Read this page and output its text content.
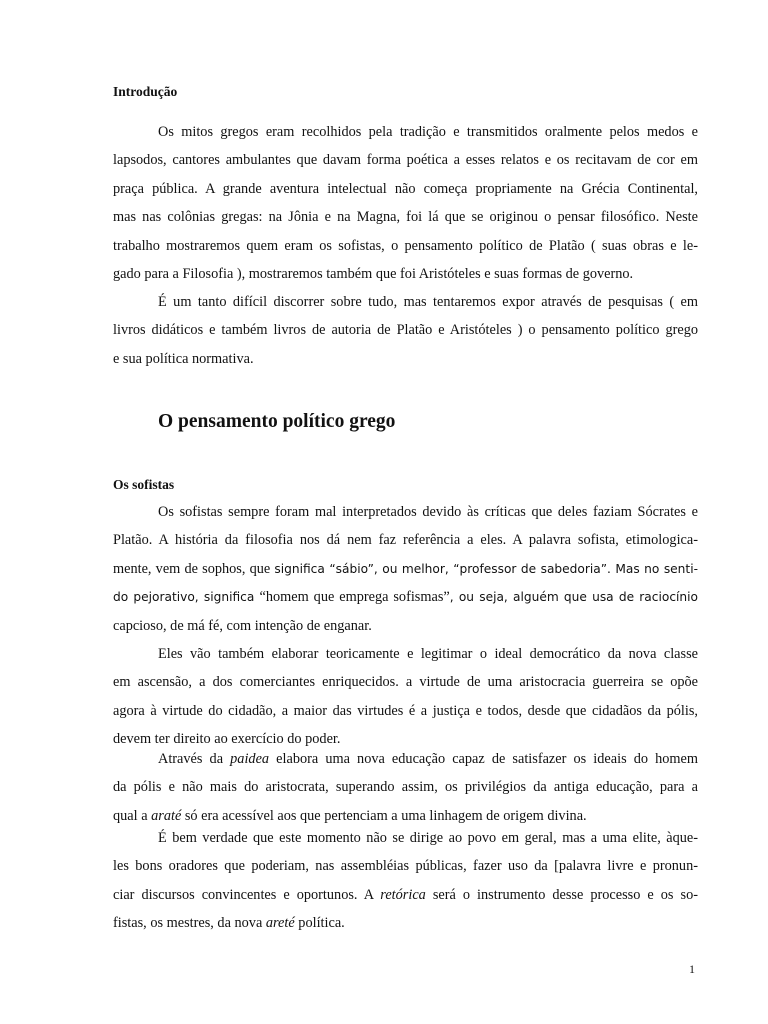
Introdução

Os mitos gregos eram recolhidos pela tradição e transmitidos oralmente pelos medos e
lapsodos, cantores ambulantes que davam forma poética a esses relatos e os recitavam de cor em
praça pública. A grande aventura intelectual não começa propriamente na Grécia Continental,
mas nas colônias gregas: na Jônia e na Magna, foi lá que se originou o pensar filosófico. Neste
trabalho mostraremos quem eram os sofistas, o pensamento político de Platão ( suas obras e le-
gado para a Filosofia ), mostraremos também que foi Aristóteles e suas formas de governo.

É um tanto difícil discorrer sobre tudo, mas tentaremos expor através de pesquisas ( em
livros didáticos e também livros de autoria de Platão e Aristóteles ) o pensamento político grego
e sua política normativa.

O pensamento político grego
Os sofistas

Os sofistas sempre foram mal interpretados devido às críticas que deles faziam Sócrates e
Platão. A história da filosofia nos dá nem faz referência a eles. A palavra sofista, etimologica-
mente, vem de sophos, que significa “sábio”, ou melhor, “professor de sabedoria”. Mas no senti-
do pejorativo, significa “homem que emprega sofismas”, ou seja, alguém que usa de raciocínio
capcioso, de má fé, com intenção de enganar.

Eles vão também elaborar teoricamente e legitimar o ideal democrático da nova classe
em ascensão, a dos comerciantes enriquecidos. a virtude de uma aristocracia guerreira se opõe
agora à virtude do cidadão, a maior das virtudes é a justiça e todos, desde que cidadãos da pólis,
devem ter direito ao exercício do poder.

Através da paidea elabora uma nova educação capaz de satisfazer os ideais do homem
da pólis e não mais do aristocrata, superando assim, os privilégios da antiga educação, para a
qual a araté só era acessível aos que pertenciam a uma linhagem de origem divina.

É bem verdade que este momento não se dirige ao povo em geral, mas a uma elite, àque-
les bons oradores que poderiam, nas assembléias públicas, fazer uso da [palavra livre e pronun-
ciar discursos convincentes e oportunos. A retórica será o instrumento desse processo e os so-
fistas, os mestres, da nova areté política.

1
